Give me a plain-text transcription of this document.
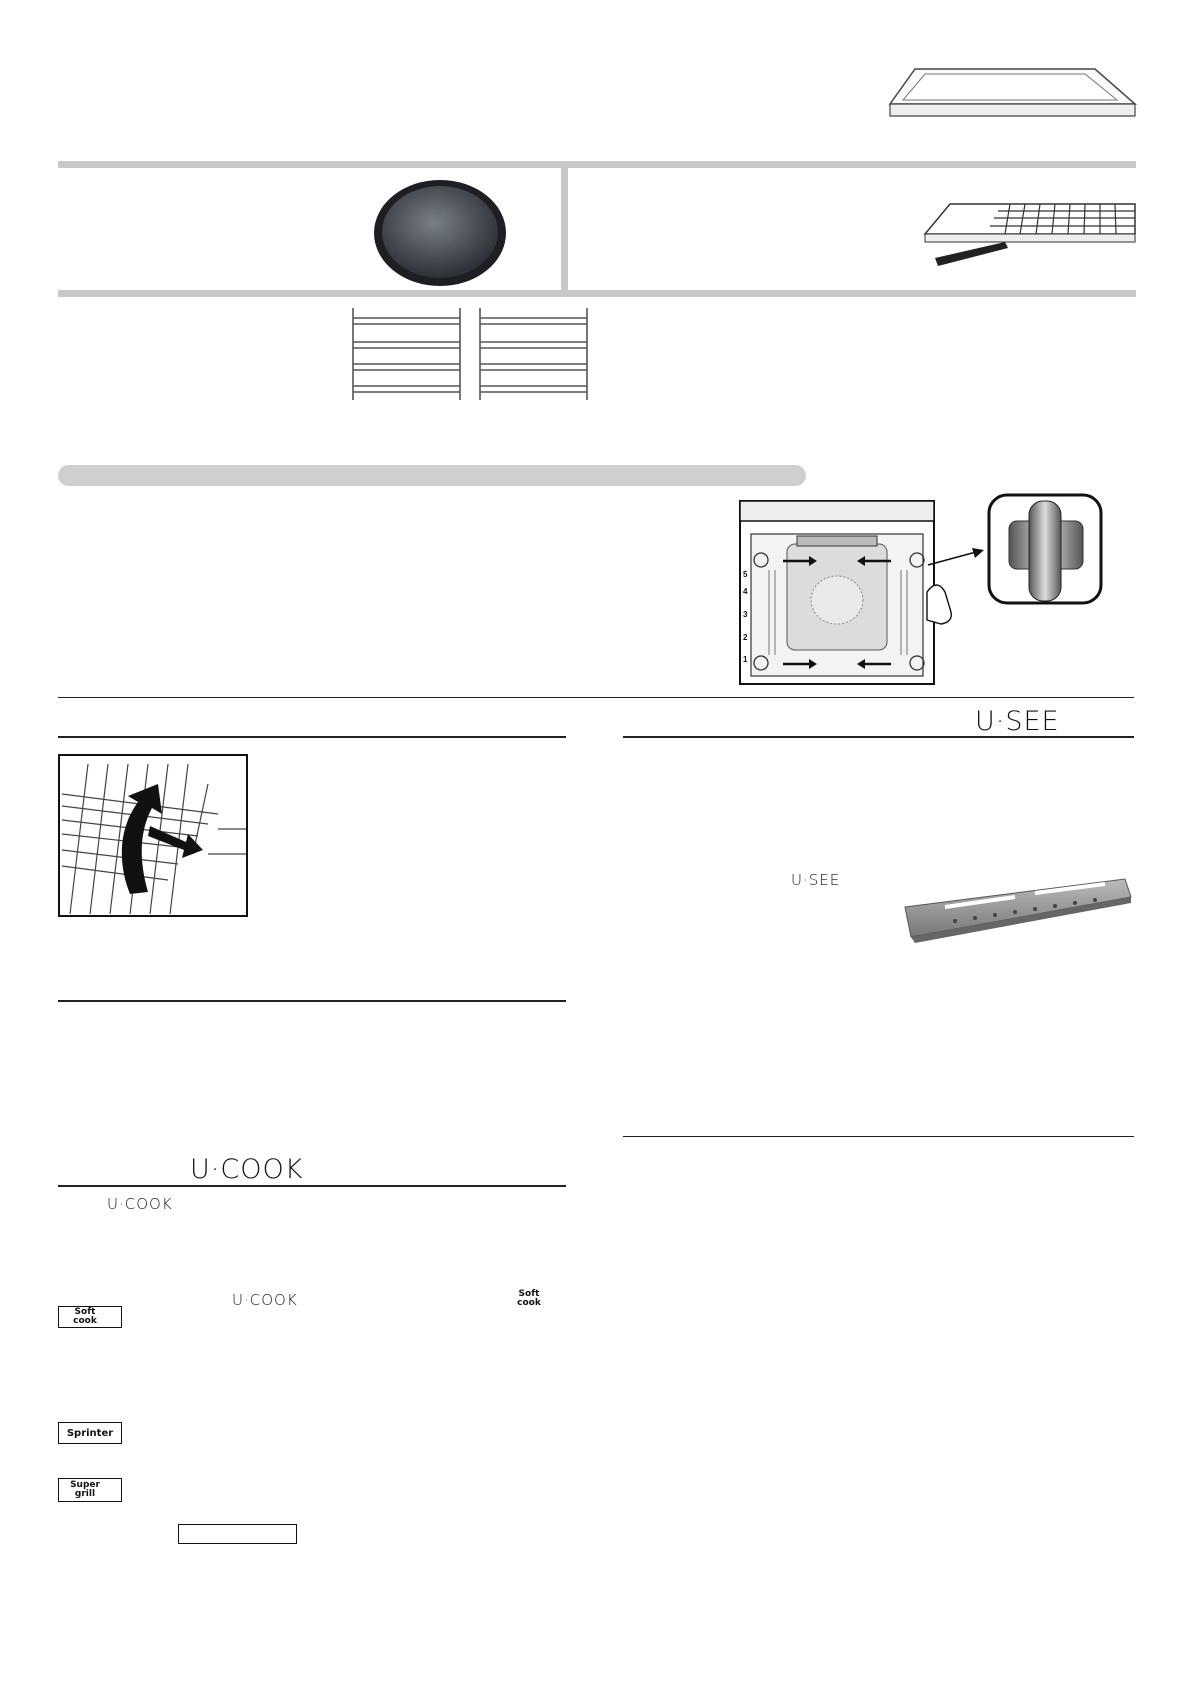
5
4
3
2
1
U·SEE
U·SEE
U·COOK
U·COOK
U·COOK	Soft cook
Soft cook
Sprinter
Super grill
